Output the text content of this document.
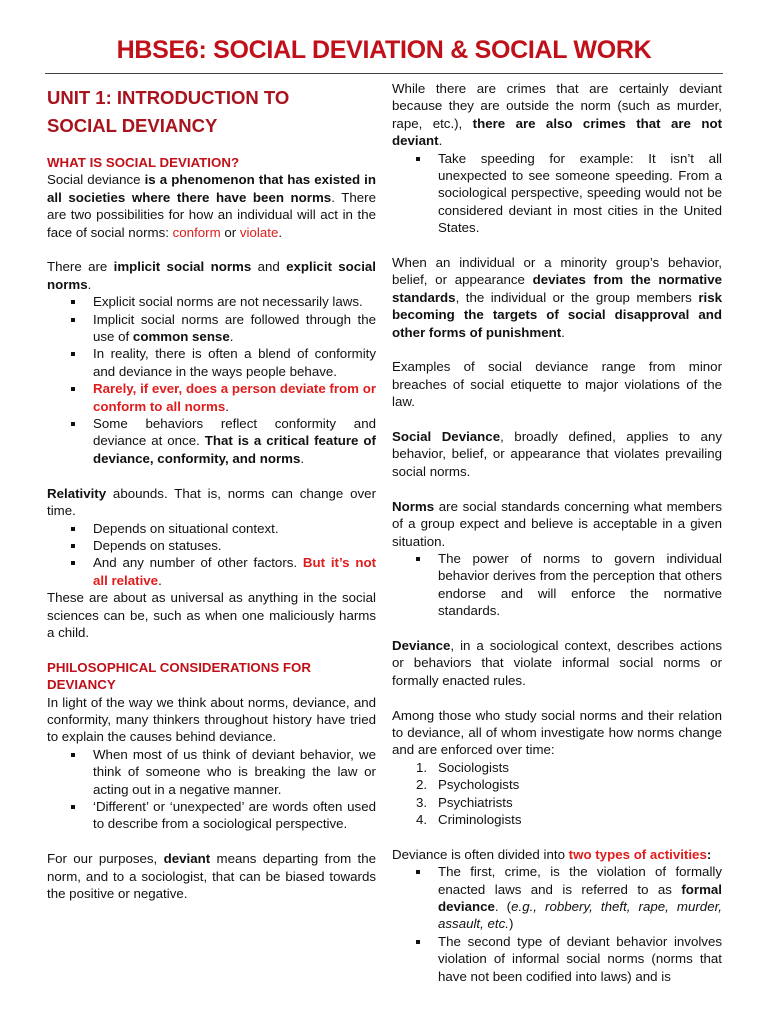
HBSE6: SOCIAL DEVIATION & SOCIAL WORK
UNIT 1: INTRODUCTION TO
SOCIAL DEVIANCY
WHAT IS SOCIAL DEVIATION?

Social deviance is a phenomenon that has existed in all societies where there have been norms. There are two possibilities for how an individual will act in the face of social norms: conform or violate.

There are implicit social norms and explicit social norms.

Explicit social norms are not necessarily laws.
Implicit social norms are followed through the use of common sense.
In reality, there is often a blend of conformity and deviance in the ways people behave.
Rarely, if ever, does a person deviate from or conform to all norms.
Some behaviors reflect conformity and deviance at once. That is a critical feature of deviance, conformity, and norms.

Relativity abounds. That is, norms can change over time.

Depends on situational context.
Depends on statuses.
And any number of other factors. But it’s not all relative.

These are about as universal as anything in the social sciences can be, such as when one maliciously harms a child.

PHILOSOPHICAL CONSIDERATIONS FOR DEVIANCY

In light of the way we think about norms, deviance, and conformity, many thinkers throughout history have tried to explain the causes behind deviance.

When most of us think of deviant behavior, we think of someone who is breaking the law or acting out in a negative manner.
‘Different’ or ‘unexpected’ are words often used to describe from a sociological perspective.

For our purposes, deviant means departing from the norm, and to a sociologist, that can be biased towards the positive or negative.

While there are crimes that are certainly deviant because they are outside the norm (such as murder, rape, etc.), there are also crimes that are not deviant.

Take speeding for example: It isn’t all unexpected to see someone speeding. From a sociological perspective, speeding would not be considered deviant in most cities in the United States.

When an individual or a minority group’s behavior, belief, or appearance deviates from the normative standards, the individual or the group members risk becoming the targets of social disapproval and other forms of punishment.

Examples of social deviance range from minor breaches of social etiquette to major violations of the law.

Social Deviance, broadly defined, applies to any behavior, belief, or appearance that violates prevailing social norms.

Norms are social standards concerning what members of a group expect and believe is acceptable in a given situation.

The power of norms to govern individual behavior derives from the perception that others endorse and will enforce the normative standards.

Deviance, in a sociological context, describes actions or behaviors that violate informal social norms or formally enacted rules.

Among those who study social norms and their relation to deviance, all of whom investigate how norms change and are enforced over time:

1. Sociologists
2. Psychologists
3. Psychiatrists
4. Criminologists

Deviance is often divided into two types of activities:

The first, crime, is the violation of formally enacted laws and is referred to as formal deviance. (e.g., robbery, theft, rape, murder, assault, etc.)
The second type of deviant behavior involves violation of informal social norms (norms that have not been codified into laws) and is
